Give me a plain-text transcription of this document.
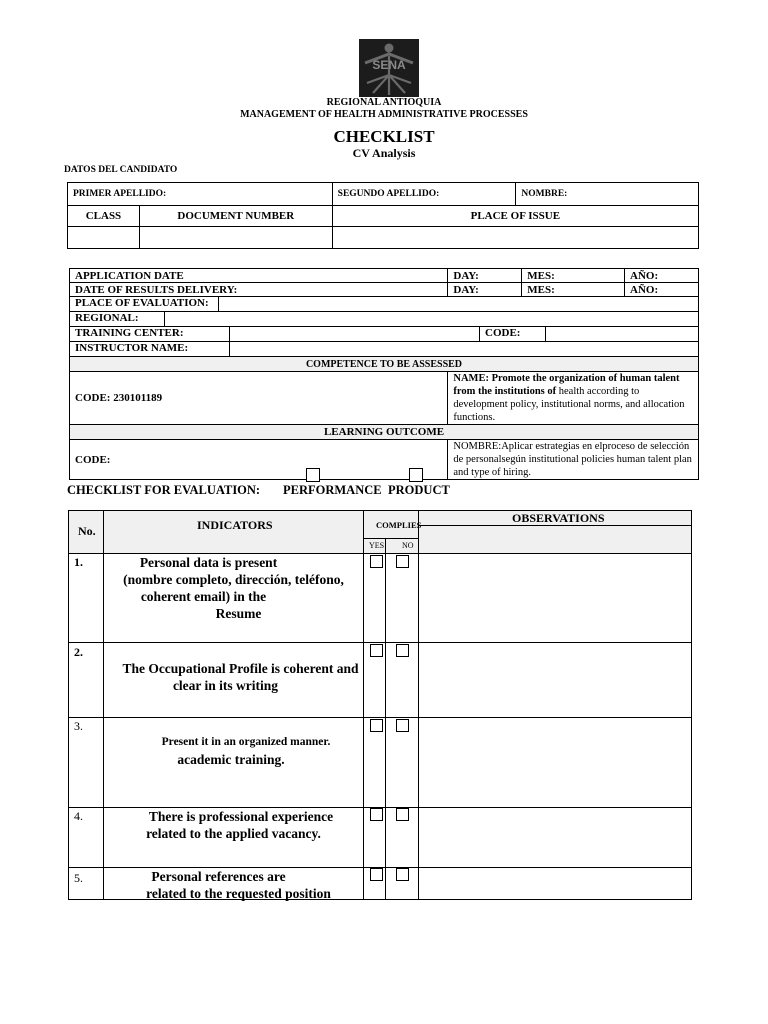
SENA
REGIONAL ANTIOQUIA
MANAGEMENT OF HEALTH ADMINISTRATIVE PROCESSES
CHECKLIST
CV Analysis
DATOS DEL CANDIDATO
PRIMER APELLIDO:		SEGUNDO APELLIDO:	NOMBRE:
CLASS	DOCUMENT NUMBER	PLACE OF ISSUE	

APPLICATION DATE	DAY:	MES:	AÑO:
DATE OF RESULTS DELIVERY:	DAY:	MES:	AÑO:

PLACE OF EVALUATION:			

REGIONAL:			

TRAINING CENTER: CODE:			

INSTRUCTOR NAME:			

COMPETENCE TO BE ASSESSED			
CODE: 230101189	NAME: Promote the organization of human talent from the institutions of health according to development policy, institutional norms, and allocation functions.		
LEARNING OUTCOME			
CODE:	NOMBRE:Aplicar estrategias en elproceso de selección de personalsegún institutional policies human talent plan and type of hiring.		
CHECKLIST FOR EVALUATION: PERFORMANCE PRODUCT
No.	INDICATORS	COMPLIES
YES NO
OBSERVATIONS
1.	Personal data is present
(nombre completo, dirección, teléfono,
coherent email) in the
Resume
2.
The Occupational Profile is coherent and
clear in its writing
3.
Present it in an organized manner.
academic training.
4.	There is professional experience
related to the applied vacancy.
5.	Personal references are
related to the requested position
